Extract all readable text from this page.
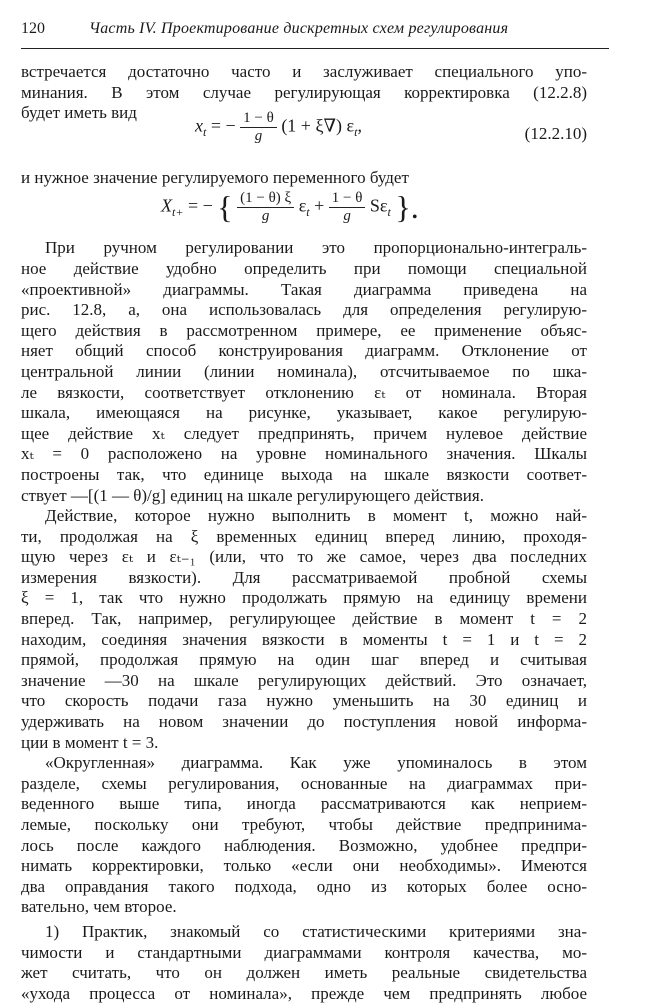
120	Часть IV. Проектирование дискретных схем регулирования
встречается достаточно часто и заслуживает специального упо-
минания. В этом случае регулирующая корректировка (12.2.8)
будет иметь вид
$x_t$ = − $\frac{1 - \theta}{g} (1 + \xi\nabla)$ $\varepsilon_t$,	(12.2.10)
и нужное значение регулируемого переменного будет
$X_{t+}$ = − { $\frac{(1 - \theta) \xi}{g} \varepsilon_t + \frac{1 - \theta}{g} S\varepsilon_t$ }.
При ручном регулировании это пропорционально-интеграль-
ное действие удобно определить при помощи специальной
«проективной» диаграммы. Такая диаграмма приведена на
рис. 12.8, а, она использовалась для определения регулирую-
щего действия в рассмотренном примере, ее применение объяс-
няет общий способ конструирования диаграмм. Отклонение от
центральной линии (линии номинала), отсчитываемое по шка-
ле вязкости, соответствует отклонению εₜ от номинала. Вторая
шкала, имеющаяся на рисунке, указывает, какое регулирую-
щее действие xₜ следует предпринять, причем нулевое действие
xₜ = 0 расположено на уровне номинального значения. Шкалы
построены так, что единице выхода на шкале вязкости соответ-
ствует —[(1 — θ)/g] единиц на шкале регулирующего действия.
Действие, которое нужно выполнить в момент t, можно най-
ти, продолжая на ξ временных единиц вперед линию, проходя-
щую через εₜ и εₜ₋₁ (или, что то же самое, через два последних
измерения вязкости). Для рассматриваемой пробной схемы
ξ = 1, так что нужно продолжать прямую на единицу времени
вперед. Так, например, регулирующее действие в момент t = 2
находим, соединяя значения вязкости в моменты t = 1 и t = 2
прямой, продолжая прямую на один шаг вперед и считывая
значение —30 на шкале регулирующих действий. Это означает,
что скорость подачи газа нужно уменьшить на 30 единиц и
удерживать на новом значении до поступления новой информа-
ции в момент t = 3.
«Округленная» диаграмма. Как уже упоминалось в этом
разделе, схемы регулирования, основанные на диаграммах при-
веденного выше типа, иногда рассматриваются как неприем-
лемые, поскольку они требуют, чтобы действие предпринима-
лось после каждого наблюдения. Возможно, удобнее предпри-
нимать корректировки, только «если они необходимы». Имеются
два оправдания такого подхода, одно из которых более осно-
вательно, чем второе.
1) Практик, знакомый со статистическими критериями зна-
чимости и стандартными диаграммами контроля качества, мо-
жет считать, что он должен иметь реальные свидетельства
«ухода процесса от номинала», прежде чем предпринять любое
